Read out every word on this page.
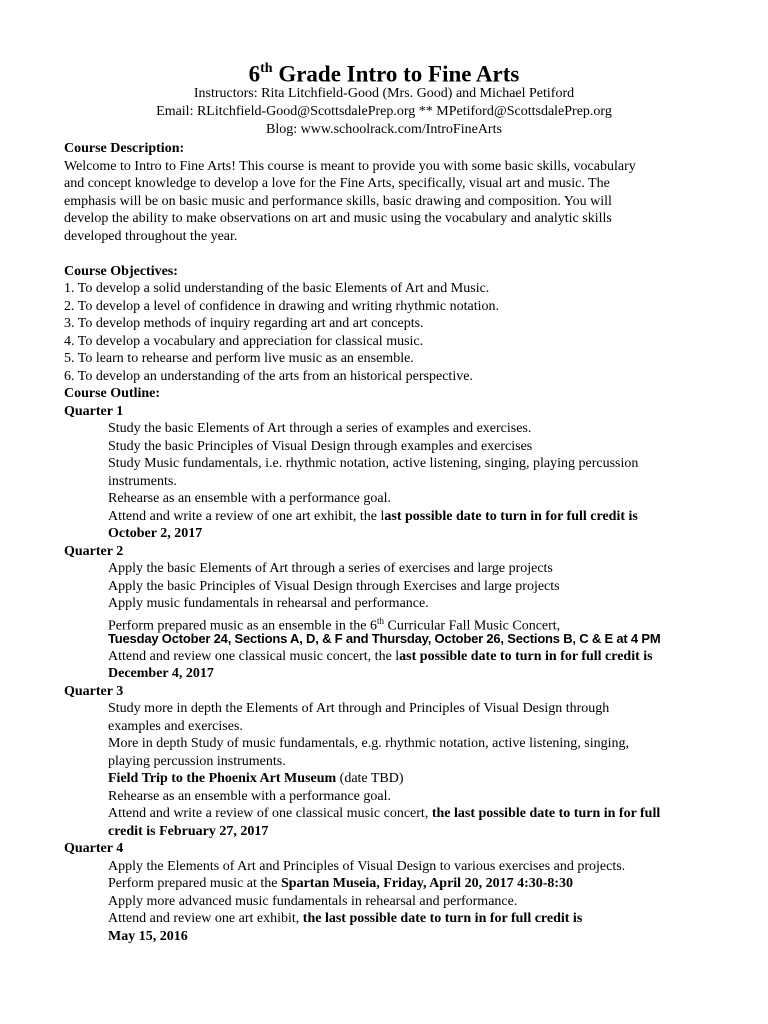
6th Grade Intro to Fine Arts
Instructors: Rita Litchfield-Good (Mrs. Good) and Michael Petiford
Email: RLitchfield-Good@ScottsdalePrep.org ** MPetiford@ScottsdalePrep.org
Blog: www.schoolrack.com/IntroFineArts
Course Description:
Welcome to Intro to Fine Arts! This course is meant to provide you with some basic skills, vocabulary
and concept knowledge to develop a love for the Fine Arts, specifically, visual art and music. The
emphasis will be on basic music and performance skills, basic drawing and composition. You will
develop the ability to make observations on art and music using the vocabulary and analytic skills
developed throughout the year.
Course Objectives:
1. To develop a solid understanding of the basic Elements of Art and Music.
2. To develop a level of confidence in drawing and writing rhythmic notation.
3. To develop methods of inquiry regarding art and art concepts.
4. To develop a vocabulary and appreciation for classical music.
5. To learn to rehearse and perform live music as an ensemble.
6. To develop an understanding of the arts from an historical perspective.
Course Outline:
Quarter 1
Study the basic Elements of Art through a series of examples and exercises.
Study the basic Principles of Visual Design through examples and exercises
Study Music fundamentals, i.e. rhythmic notation, active listening, singing, playing percussion
instruments.
Rehearse as an ensemble with a performance goal.
Attend and write a review of one art exhibit, the last possible date to turn in for full credit is
October 2, 2017
Quarter 2
Apply the basic Elements of Art through a series of exercises and large projects
Apply the basic Principles of Visual Design through Exercises and large projects
Apply music fundamentals in rehearsal and performance.
Perform prepared music as an ensemble in the 6th Curricular Fall Music Concert,
Tuesday October 24, Sections A, D, & F and Thursday, October 26, Sections B, C & E at 4 PM
Attend and review one classical music concert, the last possible date to turn in for full credit is
December 4, 2017
Quarter 3
Study more in depth the Elements of Art through and Principles of Visual Design through
examples and exercises.
More in depth Study of music fundamentals, e.g. rhythmic notation, active listening, singing,
playing percussion instruments.
Field Trip to the Phoenix Art Museum (date TBD)
Rehearse as an ensemble with a performance goal.
Attend and write a review of one classical music concert, the last possible date to turn in for full
credit is February 27, 2017
Quarter 4
Apply the Elements of Art and Principles of Visual Design to various exercises and projects.
Perform prepared music at the Spartan Museia, Friday, April 20, 2017 4:30-8:30
Apply more advanced music fundamentals in rehearsal and performance.
Attend and review one art exhibit, the last possible date to turn in for full credit is
May 15, 2016
